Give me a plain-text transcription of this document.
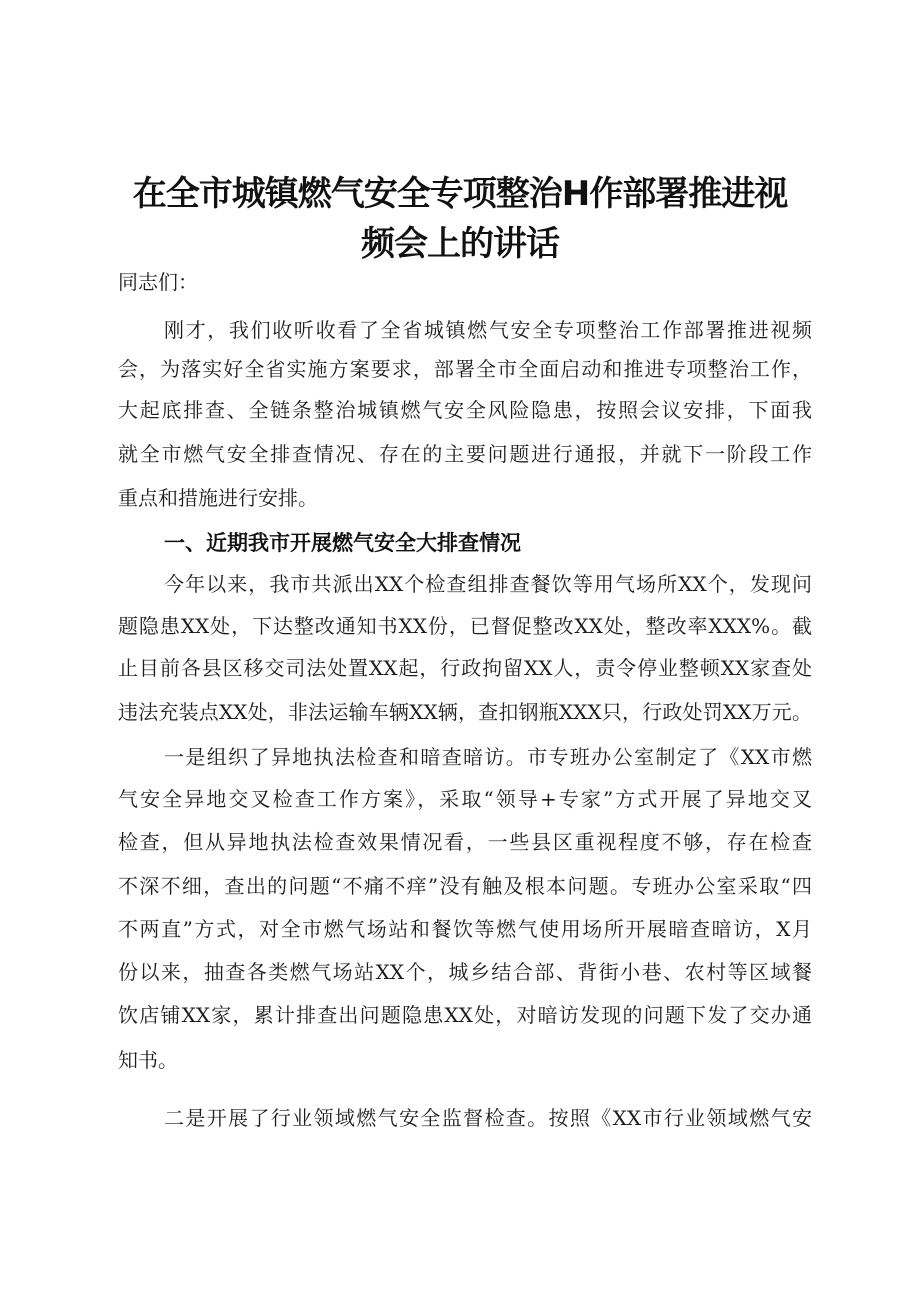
在全市城镇燃气安全专项整治H作部署推进视
频会上的讲话
同志们：
刚才，我们收听收看了全省城镇燃气安全专项整治工作部署推进视频
会，为落实好全省实施方案要求，部署全市全面启动和推进专项整治工作，
大起底排查、全链条整治城镇燃气安全风险隐患，按照会议安排，下面我
就全市燃气安全排查情况、存在的主要问题进行通报，并就下一阶段工作
重点和措施进行安排。
一、近期我市开展燃气安全大排查情况
今年以来，我市共派出XX个检查组排查餐饮等用气场所XX个，发现问
题隐患XX处，下达整改通知书XX份，已督促整改XX处，整改率XXX%。截
止目前各县区移交司法处置XX起，行政拘留XX人，责令停业整顿XX家查处
违法充装点XX处，非法运输车辆XX辆，查扣钢瓶XXX只，行政处罚XX万元。
一是组织了异地执法检查和暗查暗访。市专班办公室制定了《XX市燃
气安全异地交叉检查工作方案》，采取“领导+专家”方式开展了异地交叉
检查，但从异地执法检查效果情况看，一些县区重视程度不够，存在检查
不深不细，查出的问题“不痛不痒”没有触及根本问题。专班办公室采取“四
不两直”方式，对全市燃气场站和餐饮等燃气使用场所开展暗查暗访，X月
份以来，抽查各类燃气场站XX个，城乡结合部、背街小巷、农村等区域餐
饮店铺XX家，累计排查出问题隐患XX处，对暗访发现的问题下发了交办通
知书。
二是开展了行业领域燃气安全监督检查。按照《XX市行业领域燃气安
